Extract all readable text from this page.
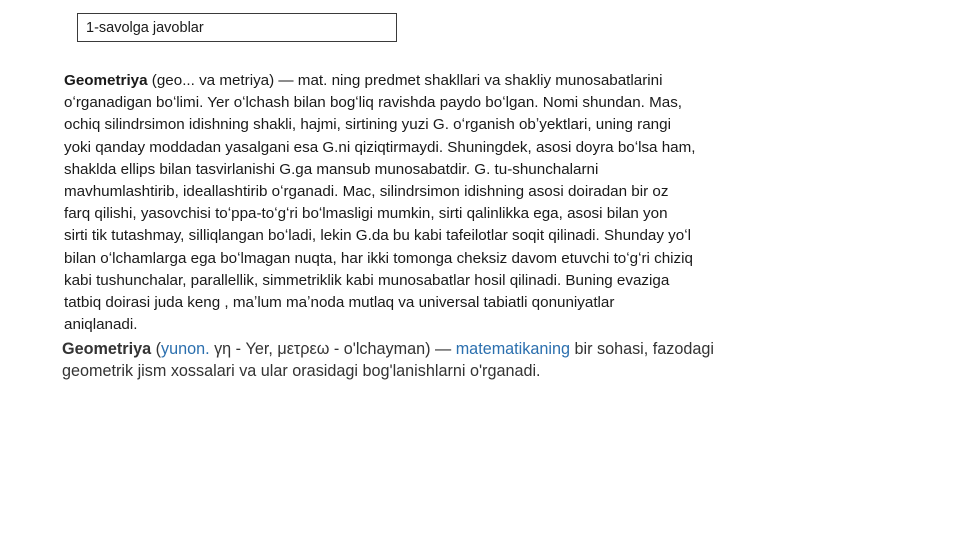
1-savolga javoblar
Geometriya (geo... va metriya) — mat. ning predmet shakllari va shakliy munosabatlarini
oʻrganadigan boʻlimi. Yer oʻlchash bilan bogʻliq ravishda paydo boʻlgan. Nomi shundan. Mas,
ochiq silindrsimon idishning shakli, hajmi, sirtining yuzi G. oʻrganish obʼyektlari, uning rangi
yoki qanday moddadan yasalgani esa G.ni qiziqtirmaydi. Shuningdek, asosi doyra boʻlsa ham,
shaklda ellips bilan tasvirlanishi G.ga mansub munosabatdir. G. tu-shunchalarni
mavhumlashtirib, ideallashtirib oʻrganadi. Mac, silindrsimon idishning asosi doiradan bir oz
farq qilishi, yasovchisi toʻppa-toʻgʻri boʻlmasligi mumkin, sirti qalinlikka ega, asosi bilan yon
sirti tik tutashmay, silliqlangan boʻladi, lekin G.da bu kabi tafeilotlar soqit qilinadi. Shunday yoʻl
bilan oʻlchamlarga ega boʻlmagan nuqta, har ikki tomonga cheksiz davom etuvchi toʻgʻri chiziq
kabi tushunchalar, parallellik, simmetriklik kabi munosabatlar hosil qilinadi. Buning evaziga
tatbiq doirasi juda keng , maʼlum maʼnoda mutlaq va universal tabiatli qonuniyatlar
aniqlanadi.
Geometriya (yunon. γη - Yer, μετρεω - o'lchayman) — matematikaning bir sohasi, fazodagi
geometrik jism xossalari va ular orasidagi bog'lanishlarni o'rganadi.
